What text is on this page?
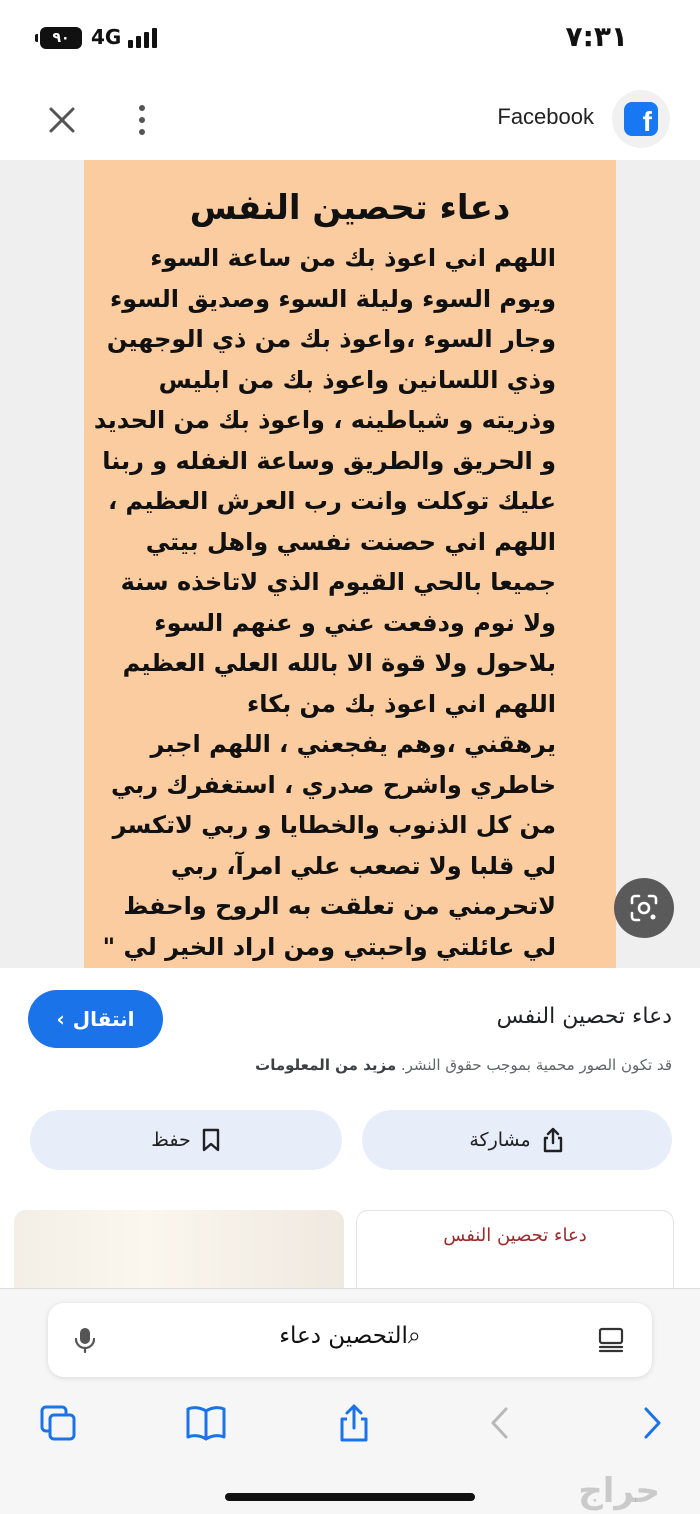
٩٠	4G	٧:٣١
Facebook	f
دعاء تحصين النفس
اللهم اني اعوذ بك من ساعة السوء
ويوم السوء وليلة السوء وصديق السوء
وجار السوء ،واعوذ بك من ذي الوجهين
وذي اللسانين واعوذ بك من ابليس
وذريته و شياطينه ، واعوذ بك من الحديد
و الحريق والطريق وساعة الغفله و ربنا
عليك توكلت وانت رب العرش العظيم ،
اللهم اني حصنت نفسي واهل بيتي
جميعا بالحي القيوم الذي لاتاخذه سنة
ولا نوم ودفعت عني و عنهم السوء
بلاحول ولا قوة الا بالله العلي العظيم
اللهم اني اعوذ بك من بكاء
يرهقني ،وهم يفجعني ، اللهم اجبر
خاطري واشرح صدري ، استغفرك ربي
من كل الذنوب والخطايا و ربي لاتكسر
لي قلبا ولا تصعب علي امرآ، ربي
لاتحرمني من تعلقت به الروح واحفظ
لي عائلتي واحبتي ومن اراد الخير لي "
‹ انتقال	دعاء تحصين النفس
قد تكون الصور محمية بموجب حقوق النشر. مزيد من المعلومات
مشاركة
حفظ
دعاء تحصين النفس
⌕التحصين دعاء
حراج
